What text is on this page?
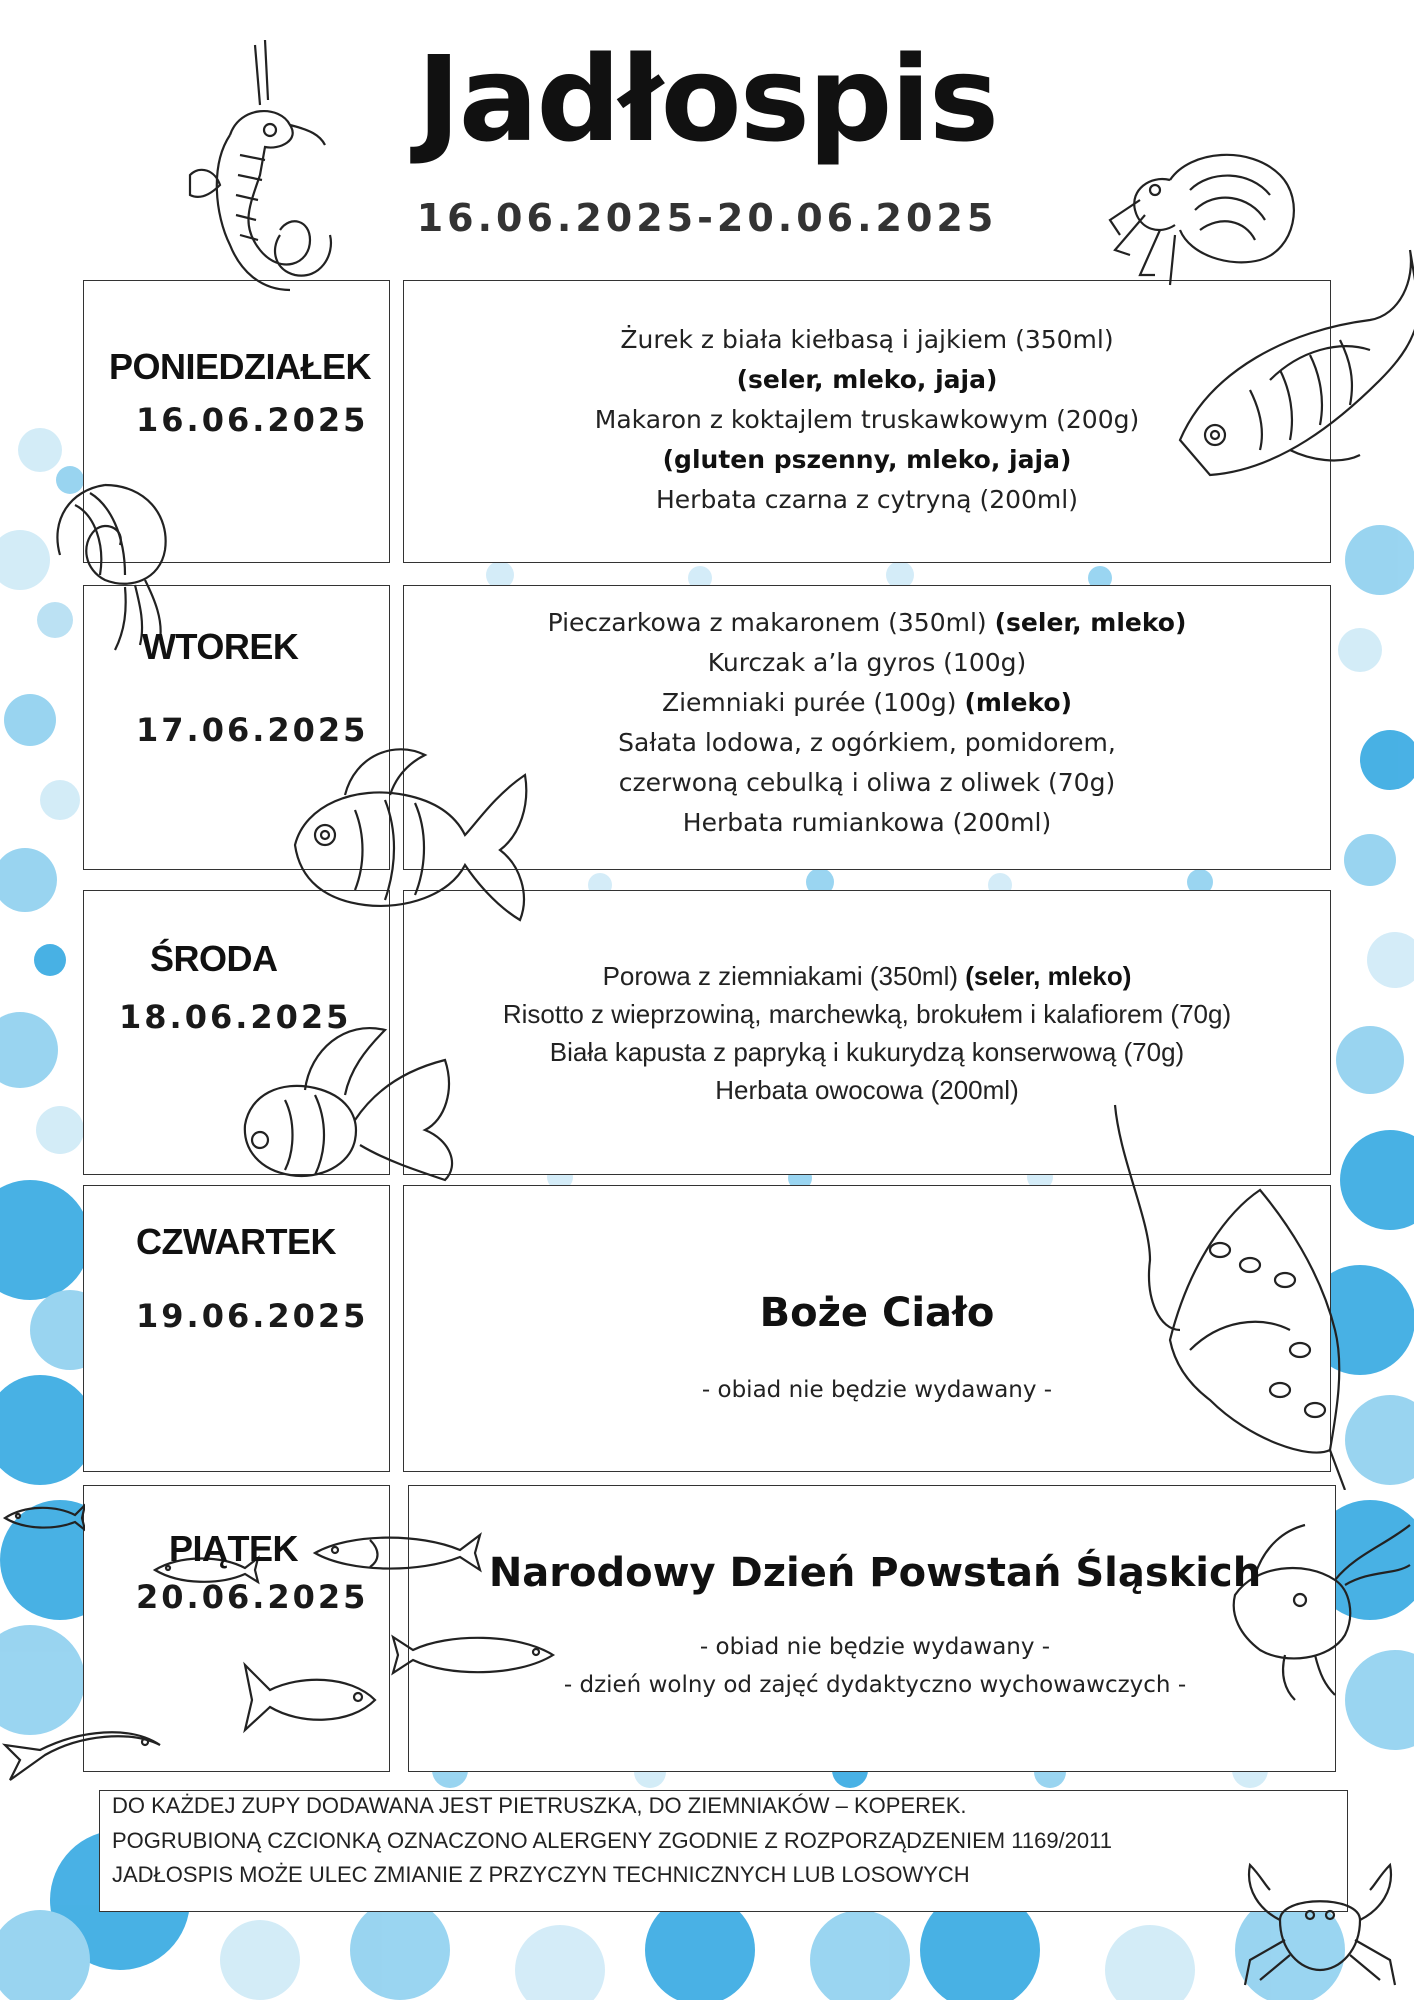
Jadłospis
16.06.2025-20.06.2025
PONIEDZIAŁEK
16.06.2025
WTOREK
17.06.2025
ŚRODA
18.06.2025
CZWARTEK
19.06.2025
PIĄTEK
20.06.2025
Żurek z biała kiełbasą i jajkiem (350ml)
(seler, mleko, jaja)
Makaron z koktajlem truskawkowym (200g)
(gluten pszenny, mleko, jaja)
Herbata czarna z cytryną (200ml)
Pieczarkowa z makaronem (350ml) (seler, mleko)
Kurczak a’la gyros (100g)
Ziemniaki purée (100g) (mleko)
Sałata lodowa, z ogórkiem, pomidorem,
czerwoną cebulką i oliwa z oliwek (70g)
Herbata rumiankowa (200ml)
Porowa z ziemniakami (350ml) (seler, mleko)
Risotto z wieprzowiną, marchewką, brokułem i kalafiorem (70g)
Biała kapusta z papryką i kukurydzą konserwową (70g)
Herbata owocowa (200ml)
Boże Ciało
- obiad nie będzie wydawany -
Narodowy Dzień Powstań Śląskich
- obiad nie będzie wydawany -
- dzień wolny od zajęć dydaktyczno wychowawczych -
DO KAŻDEJ ZUPY DODAWANA JEST PIETRUSZKA, DO ZIEMNIAKÓW – KOPEREK.
POGRUBIONĄ CZCIONKĄ OZNACZONO ALERGENY ZGODNIE Z ROZPORZĄDZENIEM 1169/2011
JADŁOSPIS MOŻE ULEC ZMIANIE Z PRZYCZYN TECHNICZNYCH LUB LOSOWYCH
